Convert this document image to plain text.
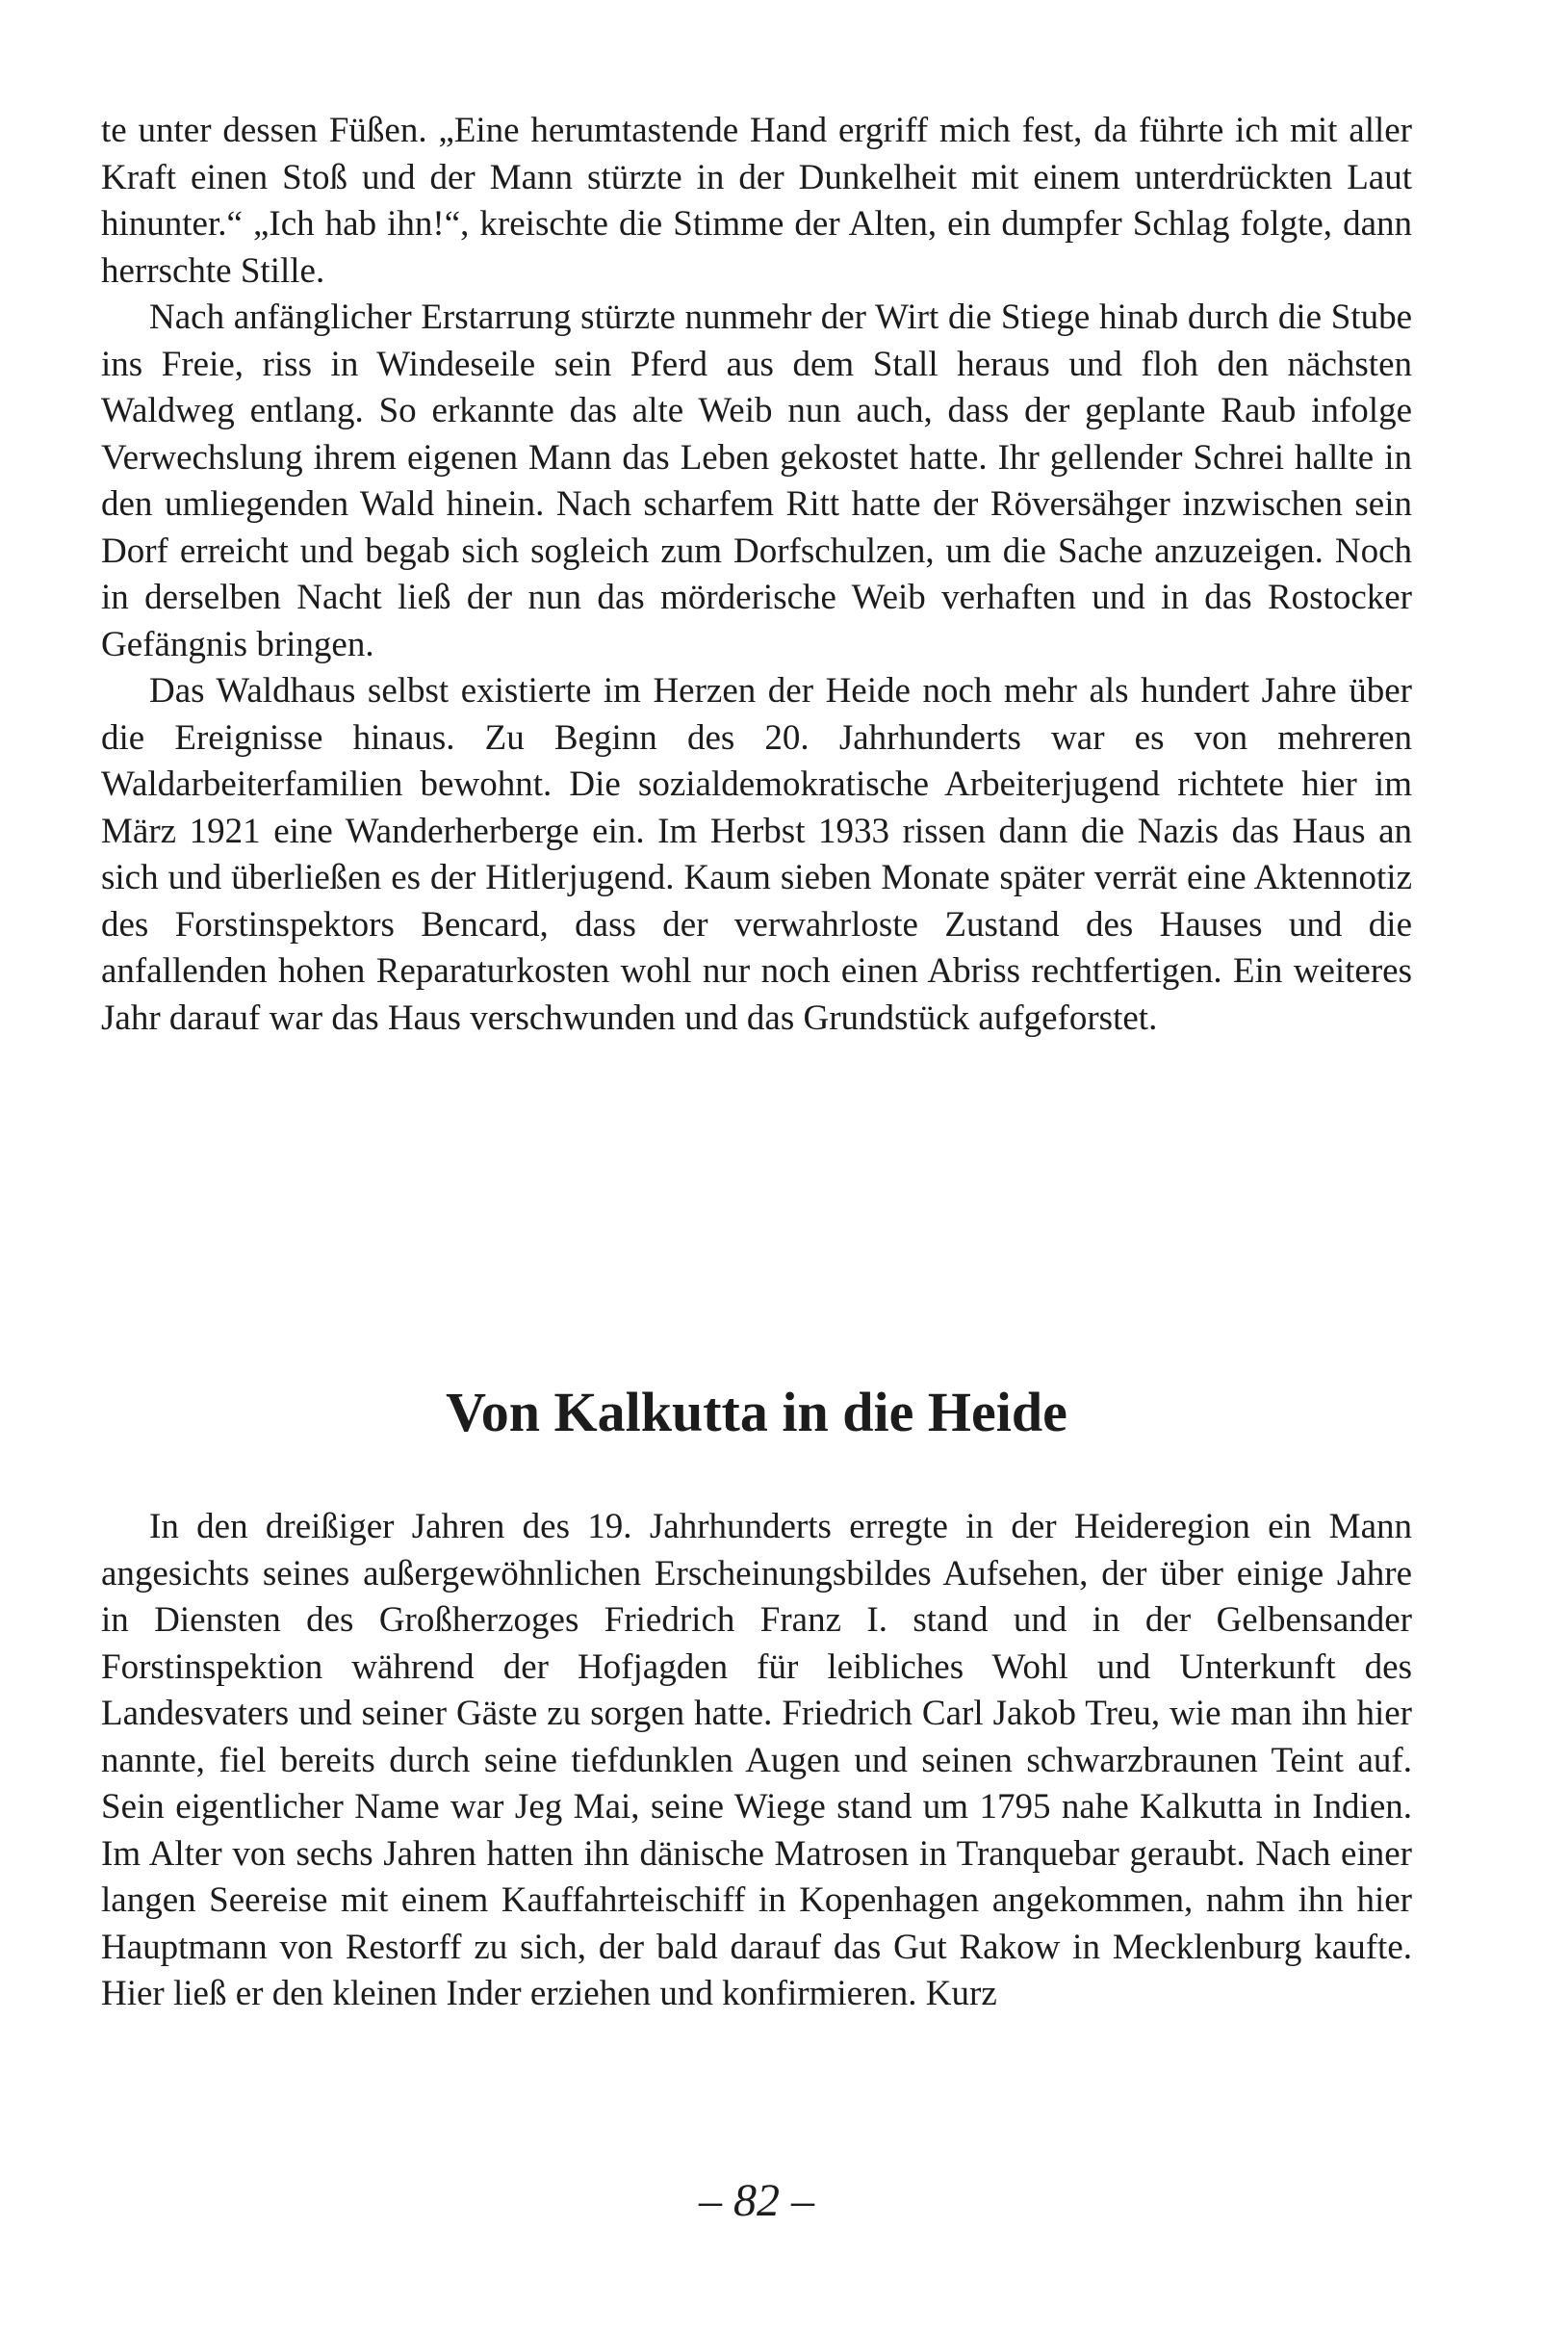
te unter dessen Füßen. „Eine herumtastende Hand ergriff mich fest, da führte ich mit aller Kraft einen Stoß und der Mann stürzte in der Dunkelheit mit einem unterdrückten Laut hinunter.“ „Ich hab ihn!“, kreischte die Stimme der Alten, ein dumpfer Schlag folgte, dann herrschte Stille.

Nach anfänglicher Erstarrung stürzte nunmehr der Wirt die Stiege hinab durch die Stube ins Freie, riss in Windeseile sein Pferd aus dem Stall heraus und floh den nächsten Waldweg entlang. So erkannte das alte Weib nun auch, dass der geplante Raub infolge Verwechslung ihrem eigenen Mann das Leben gekostet hatte. Ihr gellender Schrei hallte in den umliegenden Wald hinein. Nach scharfem Ritt hatte der Röversähger inzwischen sein Dorf erreicht und begab sich sogleich zum Dorfschulzen, um die Sache anzuzeigen. Noch in derselben Nacht ließ der nun das mörderische Weib verhaften und in das Rostocker Gefängnis bringen.

Das Waldhaus selbst existierte im Herzen der Heide noch mehr als hundert Jahre über die Ereignisse hinaus. Zu Beginn des 20. Jahrhunderts war es von mehreren Waldarbeiterfamilien bewohnt. Die sozialdemokratische Arbeiterjugend richtete hier im März 1921 eine Wanderherberge ein. Im Herbst 1933 rissen dann die Nazis das Haus an sich und überließen es der Hitlerjugend. Kaum sieben Monate später verrät eine Aktennotiz des Forstinspektors Bencard, dass der verwahrloste Zustand des Hauses und die anfallenden hohen Reparaturkosten wohl nur noch einen Abriss rechtfertigen. Ein weiteres Jahr darauf war das Haus verschwunden und das Grundstück aufgeforstet.

Von Kalkutta in die Heide

In den dreißiger Jahren des 19. Jahrhunderts erregte in der Heideregion ein Mann angesichts seines außergewöhnlichen Erscheinungsbildes Aufsehen, der über einige Jahre in Diensten des Großherzoges Friedrich Franz I. stand und in der Gelbensander Forstinspektion während der Hofjagden für leibliches Wohl und Unterkunft des Landesvaters und seiner Gäste zu sorgen hatte. Friedrich Carl Jakob Treu, wie man ihn hier nannte, fiel bereits durch seine tiefdunklen Augen und seinen schwarzbraunen Teint auf. Sein eigentlicher Name war Jeg Mai, seine Wiege stand um 1795 nahe Kalkutta in Indien. Im Alter von sechs Jahren hatten ihn dänische Matrosen in Tranquebar geraubt. Nach einer langen Seereise mit einem Kauffahrteischiff in Kopenhagen angekommen, nahm ihn hier Hauptmann von Restorff zu sich, der bald darauf das Gut Rakow in Mecklenburg kaufte. Hier ließ er den kleinen Inder erziehen und konfirmieren. Kurz

– 82 –
